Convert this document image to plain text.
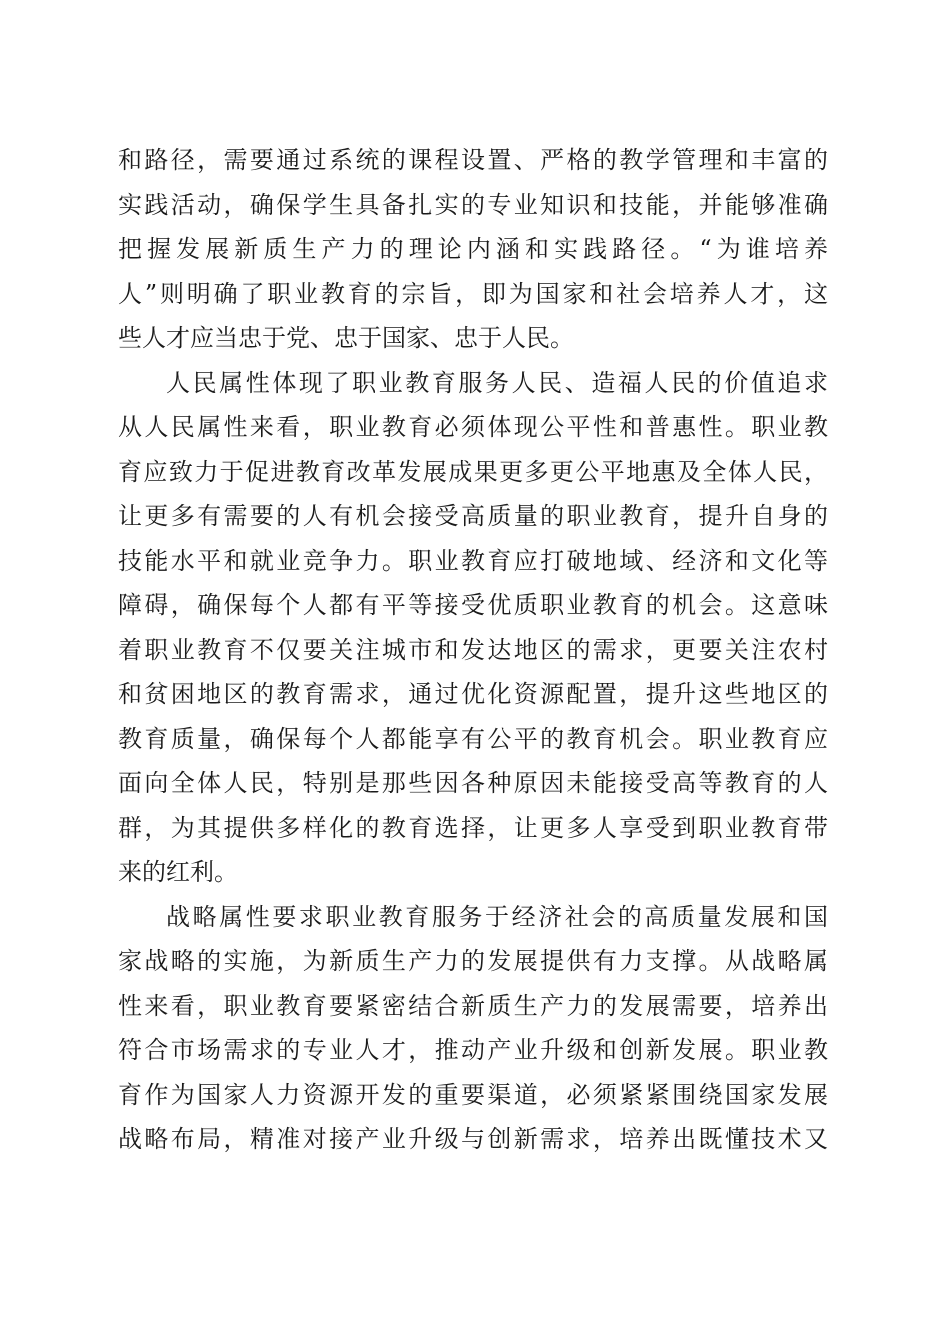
和路径，需要通过系统的课程设置、严格的教学管理和丰富的
实践活动，确保学生具备扎实的专业知识和技能，并能够准确
把握发展新质生产力的理论内涵和实践路径。“为谁培养
人”则明确了职业教育的宗旨，即为国家和社会培养人才，这
些人才应当忠于党、忠于国家、忠于人民。
人民属性体现了职业教育服务人民、造福人民的价值追求
从人民属性来看，职业教育必须体现公平性和普惠性。职业教
育应致力于促进教育改革发展成果更多更公平地惠及全体人民，
让更多有需要的人有机会接受高质量的职业教育，提升自身的
技能水平和就业竞争力。职业教育应打破地域、经济和文化等
障碍，确保每个人都有平等接受优质职业教育的机会。这意味
着职业教育不仅要关注城市和发达地区的需求，更要关注农村
和贫困地区的教育需求，通过优化资源配置，提升这些地区的
教育质量，确保每个人都能享有公平的教育机会。职业教育应
面向全体人民，特别是那些因各种原因未能接受高等教育的人
群，为其提供多样化的教育选择，让更多人享受到职业教育带
来的红利。
战略属性要求职业教育服务于经济社会的高质量发展和国
家战略的实施，为新质生产力的发展提供有力支撑。从战略属
性来看，职业教育要紧密结合新质生产力的发展需要，培养出
符合市场需求的专业人才，推动产业升级和创新发展。职业教
育作为国家人力资源开发的重要渠道，必须紧紧围绕国家发展
战略布局，精准对接产业升级与创新需求，培养出既懂技术又
